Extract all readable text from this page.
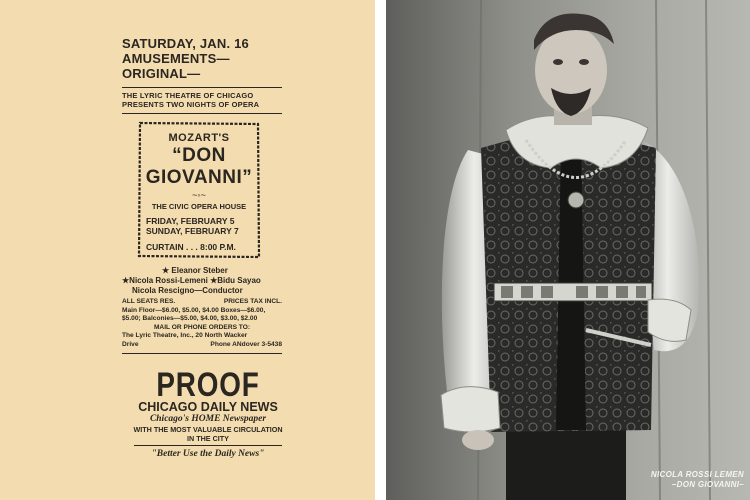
SATURDAY, JAN. 16
AMUSEMENTS—
ORIGINAL—
THE LYRIC THEATRE OF CHICAGO
PRESENTS TWO NIGHTS OF OPERA
MOZART'S
“DON
GIOVANNI”
~◦~
THE CIVIC OPERA HOUSE
FRIDAY, FEBRUARY 5
SUNDAY, FEBRUARY 7
CURTAIN . . . 8:00 P.M.
★ Eleanor Steber
★Nicola Rossi-Lemeni ★Bidu Sayao
Nicola Rescigno—Conductor
ALL SEATS RES.	PRICES TAX INCL.
Main Floor—$6.00, $5.00, $4.00 Boxes—$6.00,
$5.00; Balconies—$5.00, $4.00, $3.00, $2.00
MAIL OR PHONE ORDERS TO:
The Lyric Theatre, Inc., 20 North Wacker
Drive	Phone ANdover 3-5438
PROOF
CHICAGO DAILY NEWS
Chicago's HOME Newspaper
WITH THE MOST VALUABLE CIRCULATION
IN THE CITY
"Better Use the Daily News"
NICOLA ROSSI LEMEN
–DON GIOVANNI–
